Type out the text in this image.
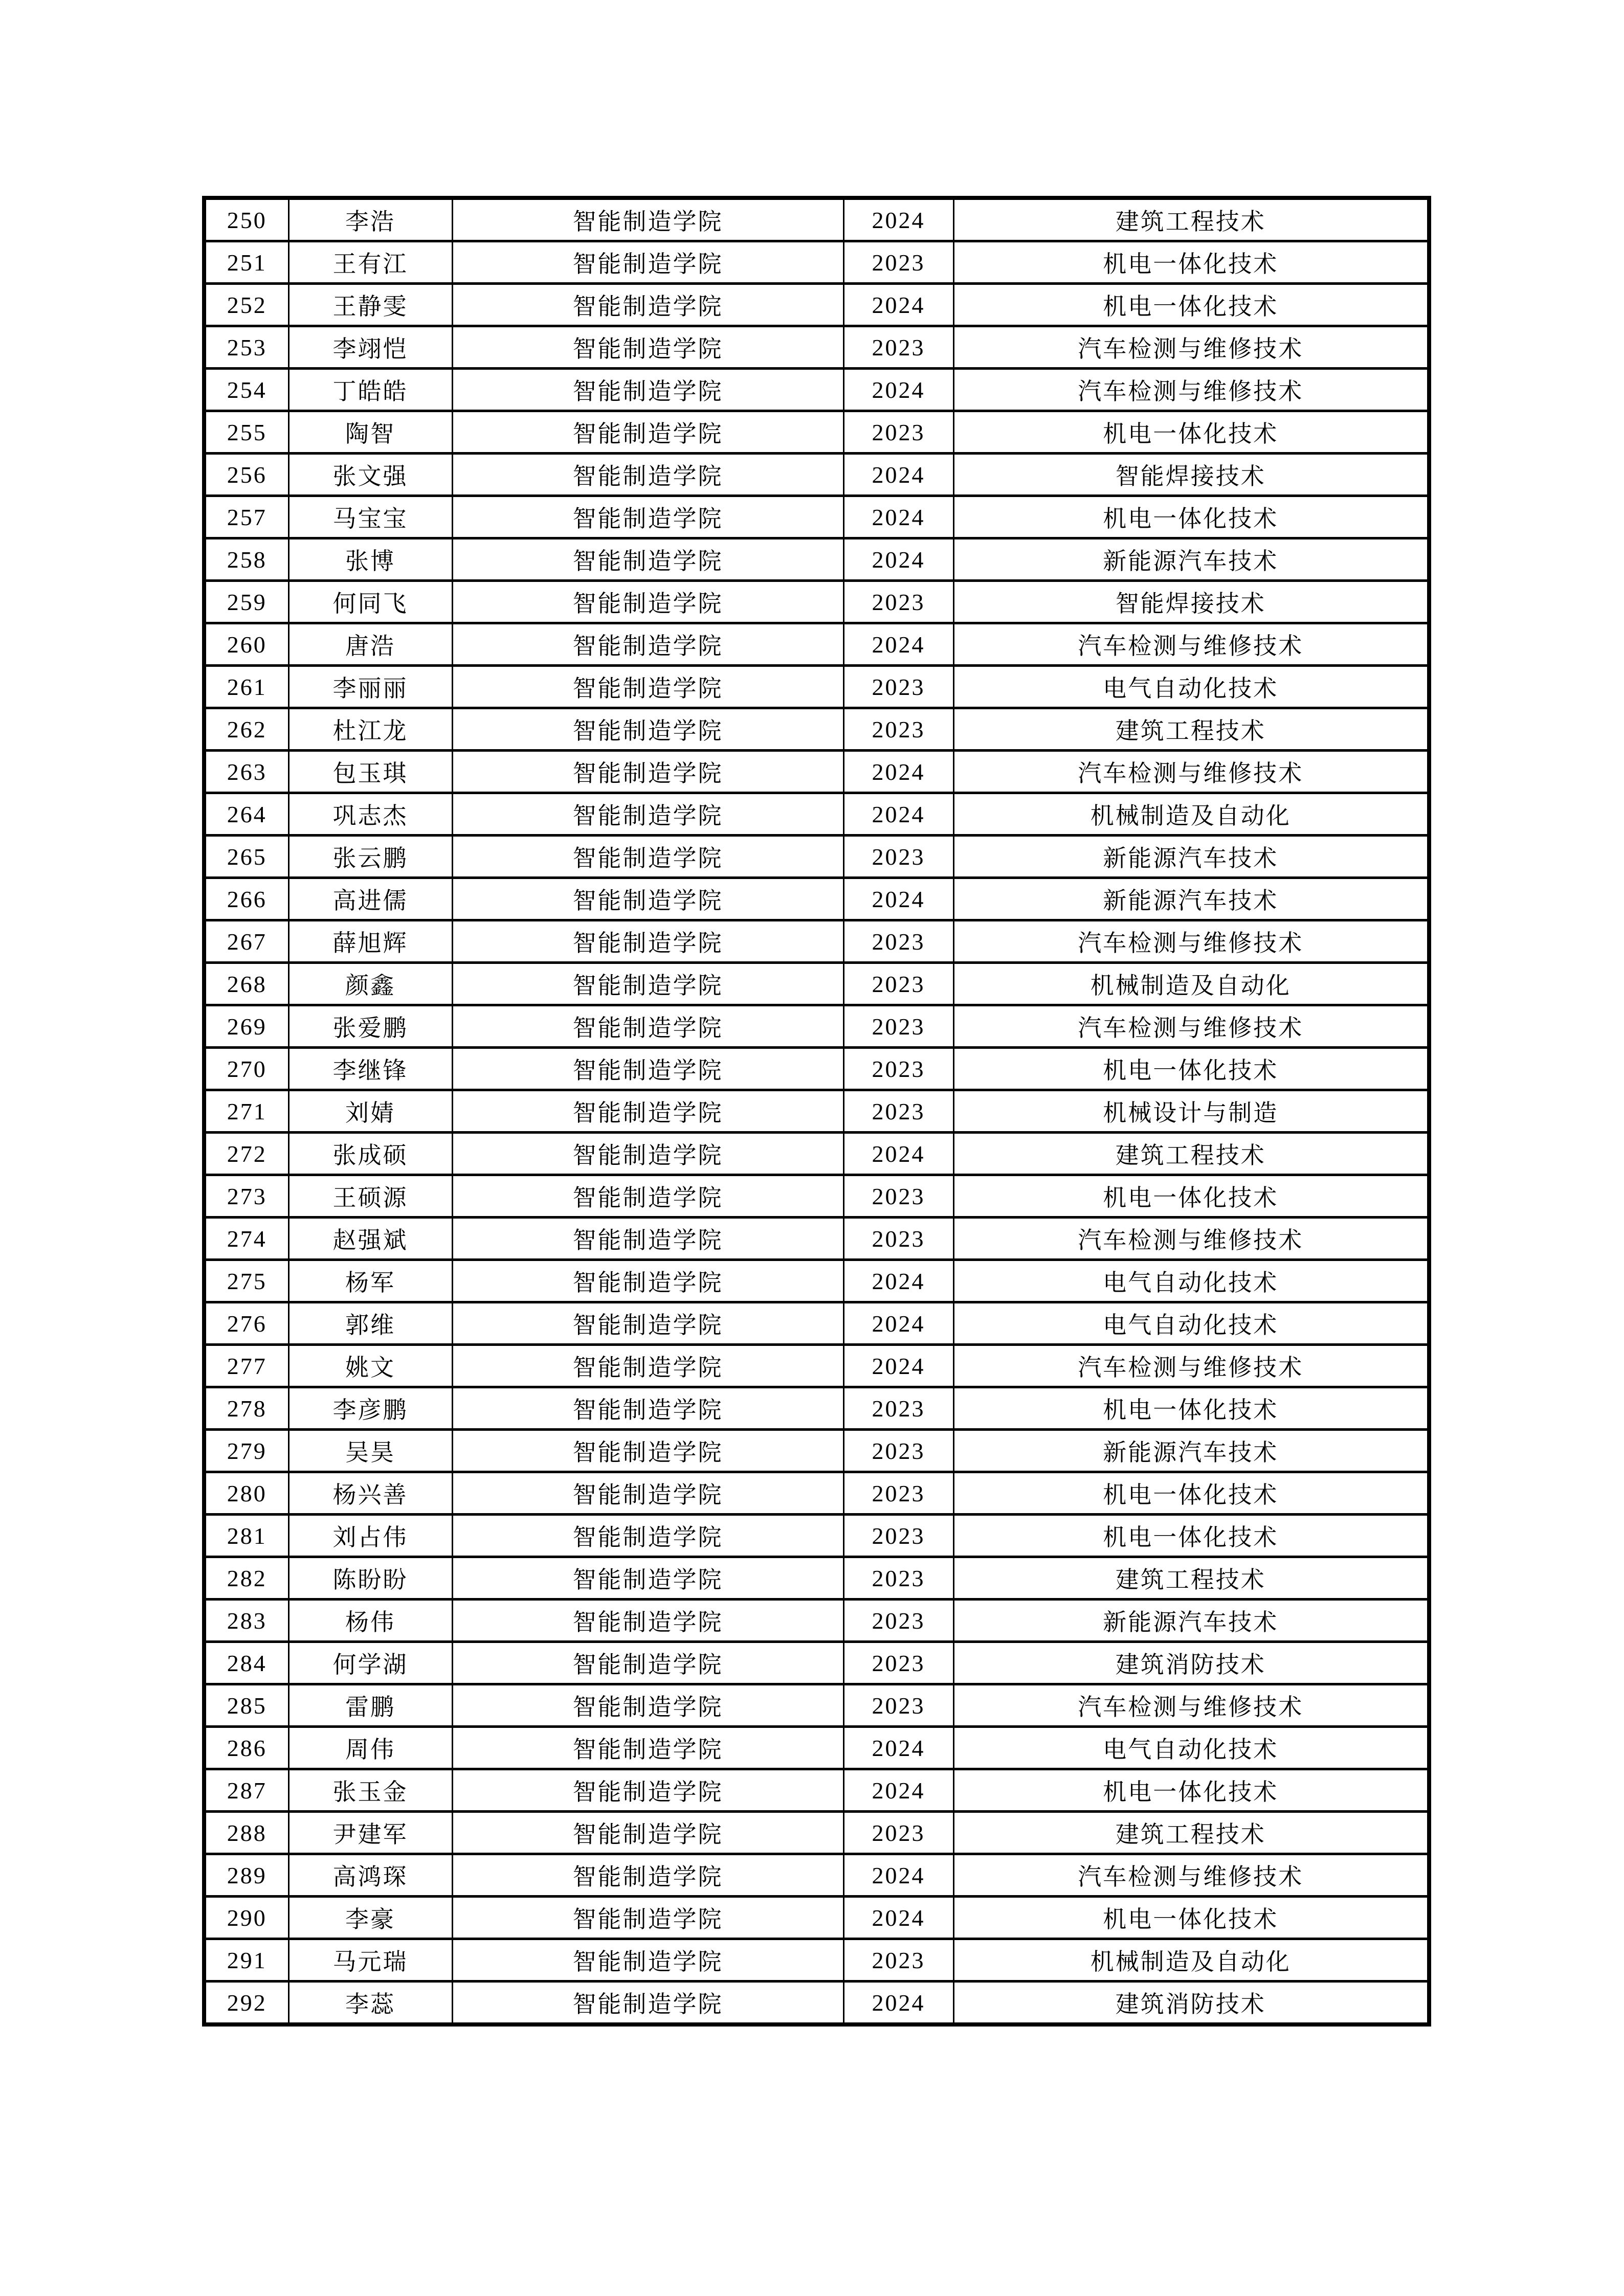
250	李浩	智能制造学院	2024	建筑工程技术
251	王有江	智能制造学院	2023	机电一体化技术
252	王静雯	智能制造学院	2024	机电一体化技术
253	李翊恺	智能制造学院	2023	汽车检测与维修技术
254	丁皓皓	智能制造学院	2024	汽车检测与维修技术
255	陶智	智能制造学院	2023	机电一体化技术
256	张文强	智能制造学院	2024	智能焊接技术
257	马宝宝	智能制造学院	2024	机电一体化技术
258	张博	智能制造学院	2024	新能源汽车技术
259	何同飞	智能制造学院	2023	智能焊接技术
260	唐浩	智能制造学院	2024	汽车检测与维修技术
261	李丽丽	智能制造学院	2023	电气自动化技术
262	杜江龙	智能制造学院	2023	建筑工程技术
263	包玉琪	智能制造学院	2024	汽车检测与维修技术
264	巩志杰	智能制造学院	2024	机械制造及自动化
265	张云鹏	智能制造学院	2023	新能源汽车技术
266	高进儒	智能制造学院	2024	新能源汽车技术
267	薛旭辉	智能制造学院	2023	汽车检测与维修技术
268	颜鑫	智能制造学院	2023	机械制造及自动化
269	张爱鹏	智能制造学院	2023	汽车检测与维修技术
270	李继锋	智能制造学院	2023	机电一体化技术
271	刘婧	智能制造学院	2023	机械设计与制造
272	张成硕	智能制造学院	2024	建筑工程技术
273	王硕源	智能制造学院	2023	机电一体化技术
274	赵强斌	智能制造学院	2023	汽车检测与维修技术
275	杨军	智能制造学院	2024	电气自动化技术
276	郭维	智能制造学院	2024	电气自动化技术
277	姚文	智能制造学院	2024	汽车检测与维修技术
278	李彦鹏	智能制造学院	2023	机电一体化技术
279	吴昊	智能制造学院	2023	新能源汽车技术
280	杨兴善	智能制造学院	2023	机电一体化技术
281	刘占伟	智能制造学院	2023	机电一体化技术
282	陈盼盼	智能制造学院	2023	建筑工程技术
283	杨伟	智能制造学院	2023	新能源汽车技术
284	何学湖	智能制造学院	2023	建筑消防技术
285	雷鹏	智能制造学院	2023	汽车检测与维修技术
286	周伟	智能制造学院	2024	电气自动化技术
287	张玉金	智能制造学院	2024	机电一体化技术
288	尹建军	智能制造学院	2023	建筑工程技术
289	高鸿琛	智能制造学院	2024	汽车检测与维修技术
290	李豪	智能制造学院	2024	机电一体化技术
291	马元瑞	智能制造学院	2023	机械制造及自动化
292	李蕊	智能制造学院	2024	建筑消防技术
